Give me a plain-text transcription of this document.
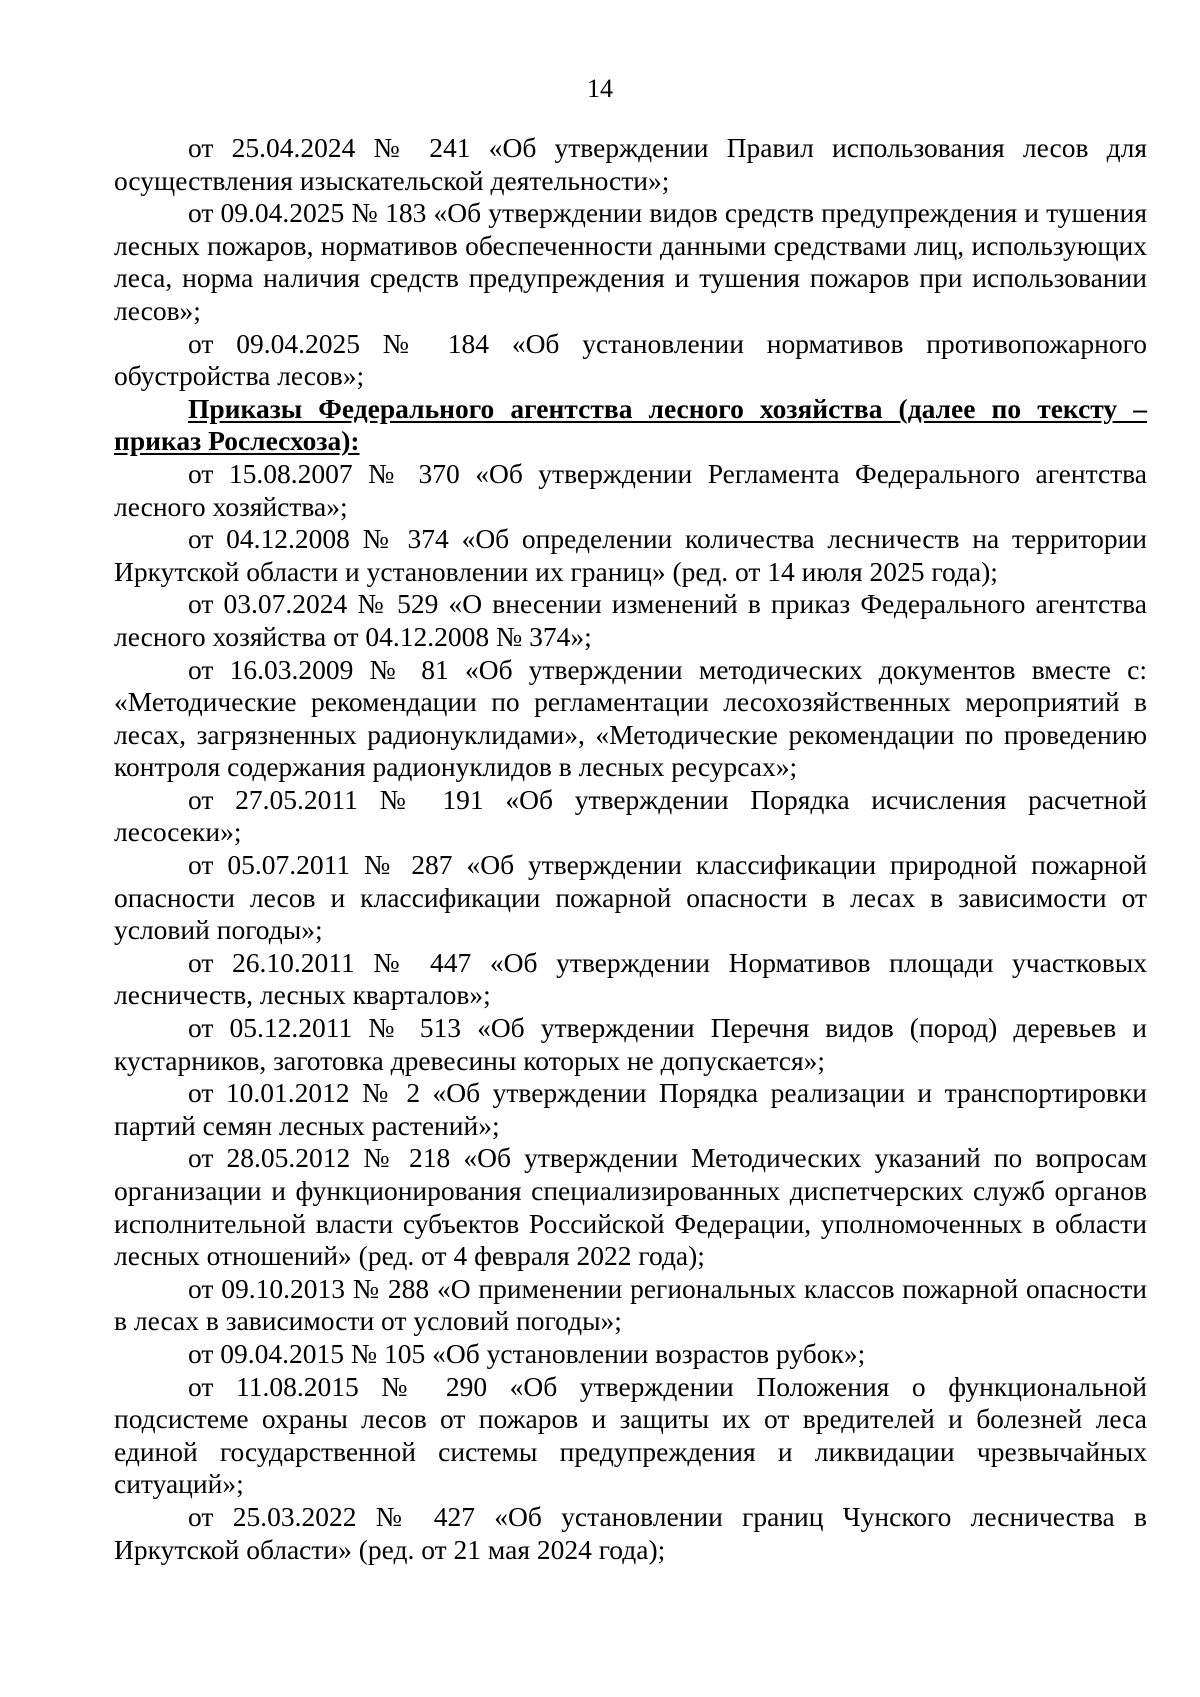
14

от 25.04.2024 № 241 «Об утверждении Правил использования лесов для осуществления изыскательской деятельности»;

от 09.04.2025 № 183 «Об утверждении видов средств предупреждения и тушения лесных пожаров, нормативов обеспеченности данными средствами лиц, использующих леса, норма наличия средств предупреждения и тушения пожаров при использовании лесов»;

от 09.04.2025 № 184 «Об установлении нормативов противопожарного обустройства лесов»;

Приказы Федерального агентства лесного хозяйства (далее по тексту – приказ Рослесхоза):

от 15.08.2007 № 370 «Об утверждении Регламента Федерального агентства лесного хозяйства»;

от 04.12.2008 № 374 «Об определении количества лесничеств на территории Иркутской области и установлении их границ» (ред. от 14 июля 2025 года);

от 03.07.2024 № 529 «О внесении изменений в приказ Федерального агентства лесного хозяйства от 04.12.2008 № 374»;

от 16.03.2009 № 81 «Об утверждении методических документов вместе с: «Методические рекомендации по регламентации лесохозяйственных мероприятий в лесах, загрязненных радионуклидами», «Методические рекомендации по проведению контроля содержания радионуклидов в лесных ресурсах»;

от 27.05.2011 № 191 «Об утверждении Порядка исчисления расчетной лесосеки»;

от 05.07.2011 № 287 «Об утверждении классификации природной пожарной опасности лесов и классификации пожарной опасности в лесах в зависимости от условий погоды»;

от 26.10.2011 № 447 «Об утверждении Нормативов площади участковых лесничеств, лесных кварталов»;

от 05.12.2011 № 513 «Об утверждении Перечня видов (пород) деревьев и кустарников, заготовка древесины которых не допускается»;

от 10.01.2012 № 2 «Об утверждении Порядка реализации и транспортировки партий семян лесных растений»;

от 28.05.2012 № 218 «Об утверждении Методических указаний по вопросам организации и функционирования специализированных диспетчерских служб органов исполнительной власти субъектов Российской Федерации, уполномоченных в области лесных отношений» (ред. от 4 февраля 2022 года);

от 09.10.2013 № 288 «О применении региональных классов пожарной опасности в лесах в зависимости от условий погоды»;

от 09.04.2015 № 105 «Об установлении возрастов рубок»;

от 11.08.2015 № 290 «Об утверждении Положения о функциональной подсистеме охраны лесов от пожаров и защиты их от вредителей и болезней леса единой государственной системы предупреждения и ликвидации чрезвычайных ситуаций»;

от 25.03.2022 № 427 «Об установлении границ Чунского лесничества в Иркутской области» (ред. от 21 мая 2024 года);
